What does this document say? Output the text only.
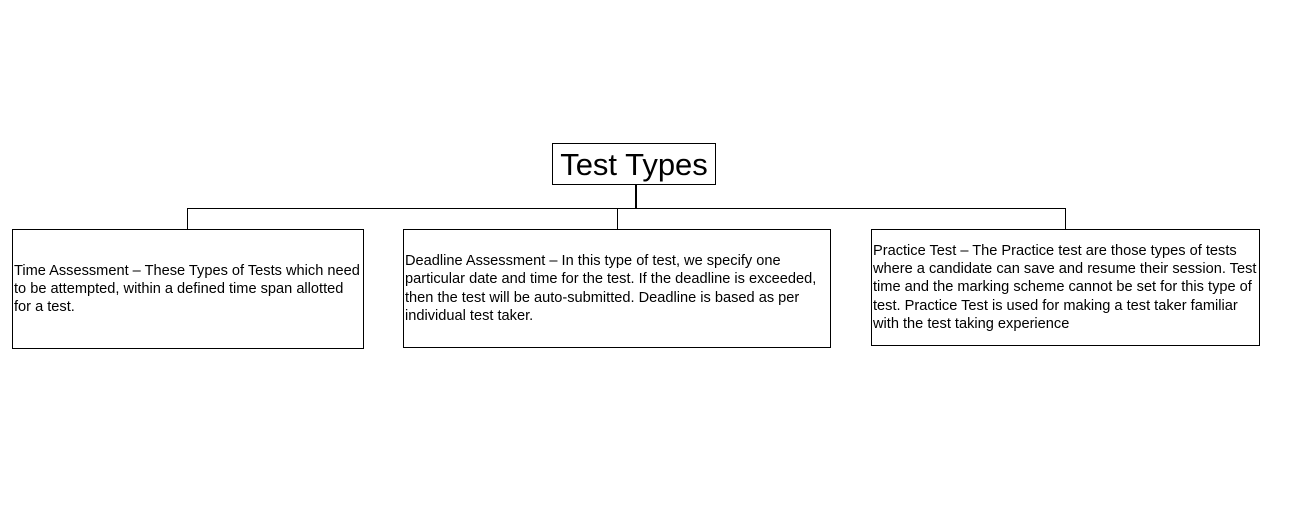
Test Types

Time Assessment – These Types of Tests which need to be attempted, within a defined time span allotted for a test.

Deadline Assessment – In this type of test, we specify one particular date and time for the test. If the deadline is exceeded, then the test will be auto-submitted. Deadline is based as per individual test taker.

Practice Test – The Practice test are those types of tests where a candidate can save and resume their session. Test time and the marking scheme cannot be set for this type of test. Practice Test is used for making a test taker familiar with the test taking experience
